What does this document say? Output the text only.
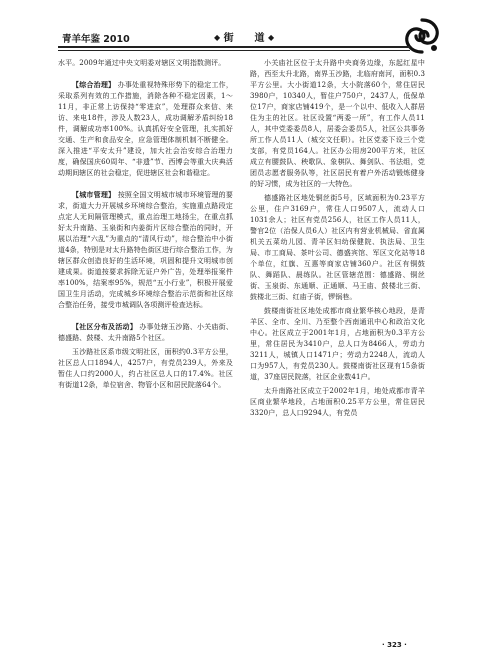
青羊年鉴 2010	◆ 街 道 ◆

水平。2009年通过中央文明委对辖区文明指数测评。

【综合治理】 办事处重视特殊形势下的稳定工作，采取系列有效的工作措施，消除各种不稳定因素，1～11月，非正常上访保持“零进京”，处理群众来信、来访、来电18件，涉及人数23人，成功调解矛盾纠纷18件，调解成功率100%。认真抓好安全管理，扎实抓好交通、生产和食品安全，应急管理体制机制不断健全。深入推进“平安太升”建设，加大社会治安综合治理力度，确保国庆60周年、“非遗”节、西博会等重大庆典活动期间辖区的社会稳定，促进辖区社会和谐稳定。

【城市管理】 按照全国文明城市城市环境管理的要求，街道大力开展城乡环境综合整治，实施重点路段定点定人无间隔管理模式，重点治理工地扬尘，在重点抓好太升南路、玉泉街和内姜街片区综合整治的同时，开展以治理“六乱”为重点的“清风行动”，综合整治中小街道4条，特别是对太升路特色街区进行综合整治工作，为辖区群众创造良好的生活环境，巩固和提升文明城市创建成果。街道按要求拆除无证户外广告，处理举报案件率100%，结案率95%，规范“五小行业”，积极开展爱国卫生月活动，完成城乡环境综合整治示范街和社区综合整治任务，接受市城调队各项测评检查达标。

【社区分布及活动】 办事处辖玉沙路、小关庙街、德盛路、鼓楼、太升南路5个社区。

玉沙路社区系市级文明社区，面积约0.3平方公里，社区总人口1894人，4257户，有党员239人，外来及暂住人口约2000人，约占社区总人口的17.4%。社区有街道12条，单位宿舍、物管小区和居民院落64个。

小关庙社区位于太升路中央商务边缘，东起红星中路，西至太升北路，南界玉沙路，北临府南河，面积0.3平方公里。大小街道12条，大小院落60个，常住居民3980户，10340人，暂住户750户，2437人，低保单位17户，商家店铺419个，是一个以中、低收入人群居住为主的社区。社区设置“两委一所”，有工作人员11人，其中党委委员8人，居委会委员5人，社区公共事务所工作人员11人（城交文任职）。社区党委下设三个党支部，有党员164人。社区办公用房200平方米，社区成立有腰鼓队、秧歌队、象棋队、舞剑队、书法组，党团员志愿者服务队等，社区居民有着户外活动锻炼健身的好习惯，成为社区的一大特色。

德盛路社区地处铜丝街5号，区域面积为0.23平方公里，住户3169户，常住人口9507人，流动人口1031余人；社区有党员256人，社区工作人员11人，警官2位（治保人员6人）社区内有营业机械局、省直属机关五菜幼儿园、青羊区妇幼保健院、执法局、卫生局、市工商局、茶叶公司、德盛宾馆、军区文化站等18个单位，红旗、互惠等商家店铺360户。社区有铜鼓队、舞蹈队、晨练队。社区管辖范围：德盛路、铜丝街、玉泉街、东通顺、正通顺、马王庙、鼓楼北三街、鼓楼北三街、红庙子街，锣锅巷。

鼓楼南街社区地处成都市商业繁华核心地段，是青羊区、全市、全川、乃至整个西南通讯中心和政治文化中心。社区成立于2001年1月，占地面积为0.3平方公里，常住居民为3410户，总人口为8466人，劳动力3211人，城镇人口1471户；劳动力2248人，流动人口为957人，有党员230人。鼓楼南街社区现有15条街道，37座居民院落，社区企业数41户。

太升南路社区成立于2002年1月，地处成都市青羊区商业繁华地段，占地面积0.25平方公里，常住居民3320户，总人口9294人，有党员

· 323 ·
